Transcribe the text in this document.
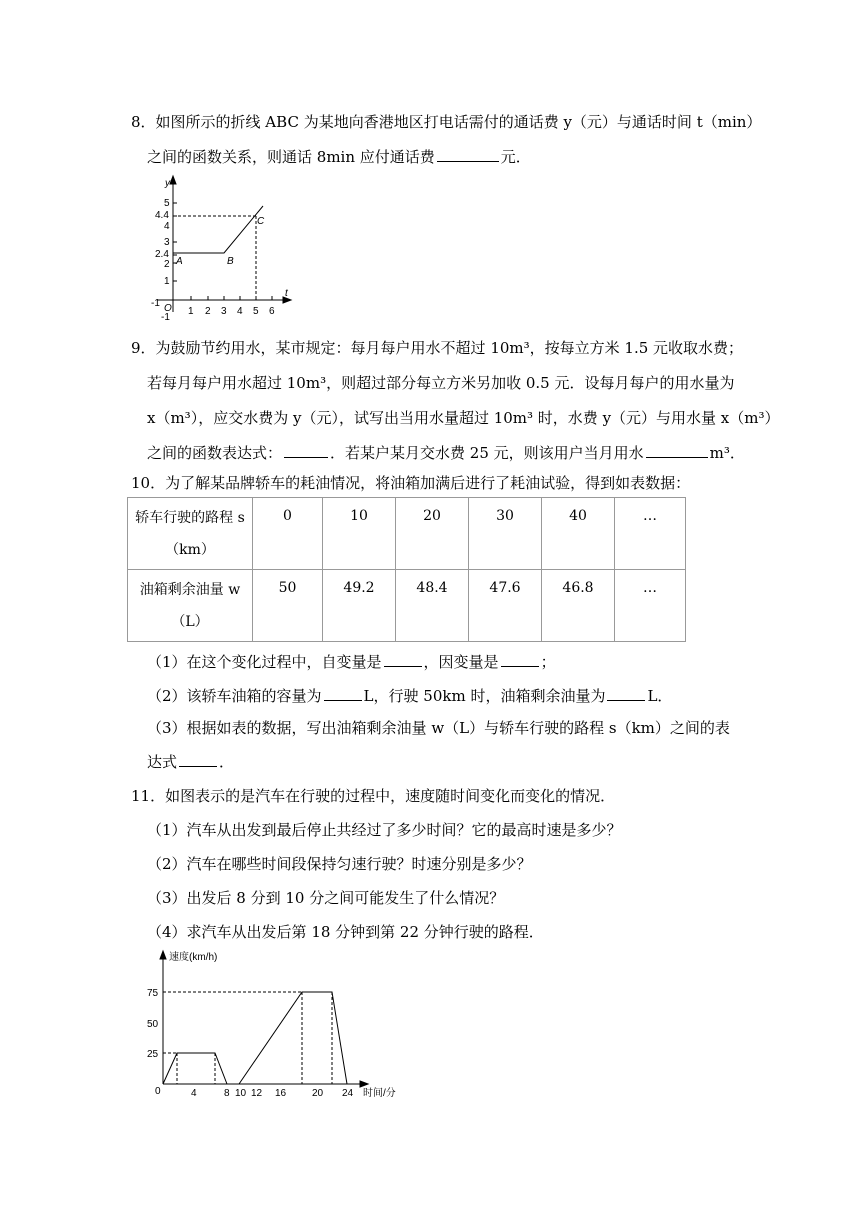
8．如图所示的折线 ABC 为某地向香港地区打电话需付的通话费 y（元）与通话时间 t（min）
之间的函数关系，则通话 8min 应付通话费	元．
y
t
5
4.4
4
3
2.4
2
1
-1
-1 O 1 2 3 4 5 6
A	B
C
9．为鼓励节约用水，某市规定：每月每户用水不超过 10m³，按每立方米 1.5 元收取水费；
若每月每户用水超过 10m³，则超过部分每立方米另加收 0.5 元．设每月每户的用水量为
x（m³），应交水费为 y（元），试写出当用水量超过 10m³ 时，水费 y（元）与用水量 x（m³）
之间的函数表达式：	．若某户某月交水费 25 元，则该用户当月用水	m³．
10．为了解某品牌轿车的耗油情况，将油箱加满后进行了耗油试验，得到如表数据：
轿车行驶的路程 s
（km）	0	10	20	30	40	…
油箱剩余油量 w
（L）	50	49.2	48.4	47.6	46.8	…
（1）在这个变化过程中，自变量是	，因变量是	；
（2）该轿车油箱的容量为	L，行驶 50km 时，油箱剩余油量为	L．
（3）根据如表的数据，写出油箱剩余油量 w（L）与轿车行驶的路程 s（km）之间的表
达式	．
11．如图表示的是汽车在行驶的过程中，速度随时间变化而变化的情况．
（1）汽车从出发到最后停止共经过了多少时间？它的最高时速是多少？
（2）汽车在哪些时间段保持匀速行驶？时速分别是多少？
（3）出发后 8 分到 10 分之间可能发生了什么情况？
（4）求汽车从出发后第 18 分钟到第 22 分钟行驶的路程．
速度(km/h)
时间/分
75
50
25
0	4	8 10 12 16	20 24
